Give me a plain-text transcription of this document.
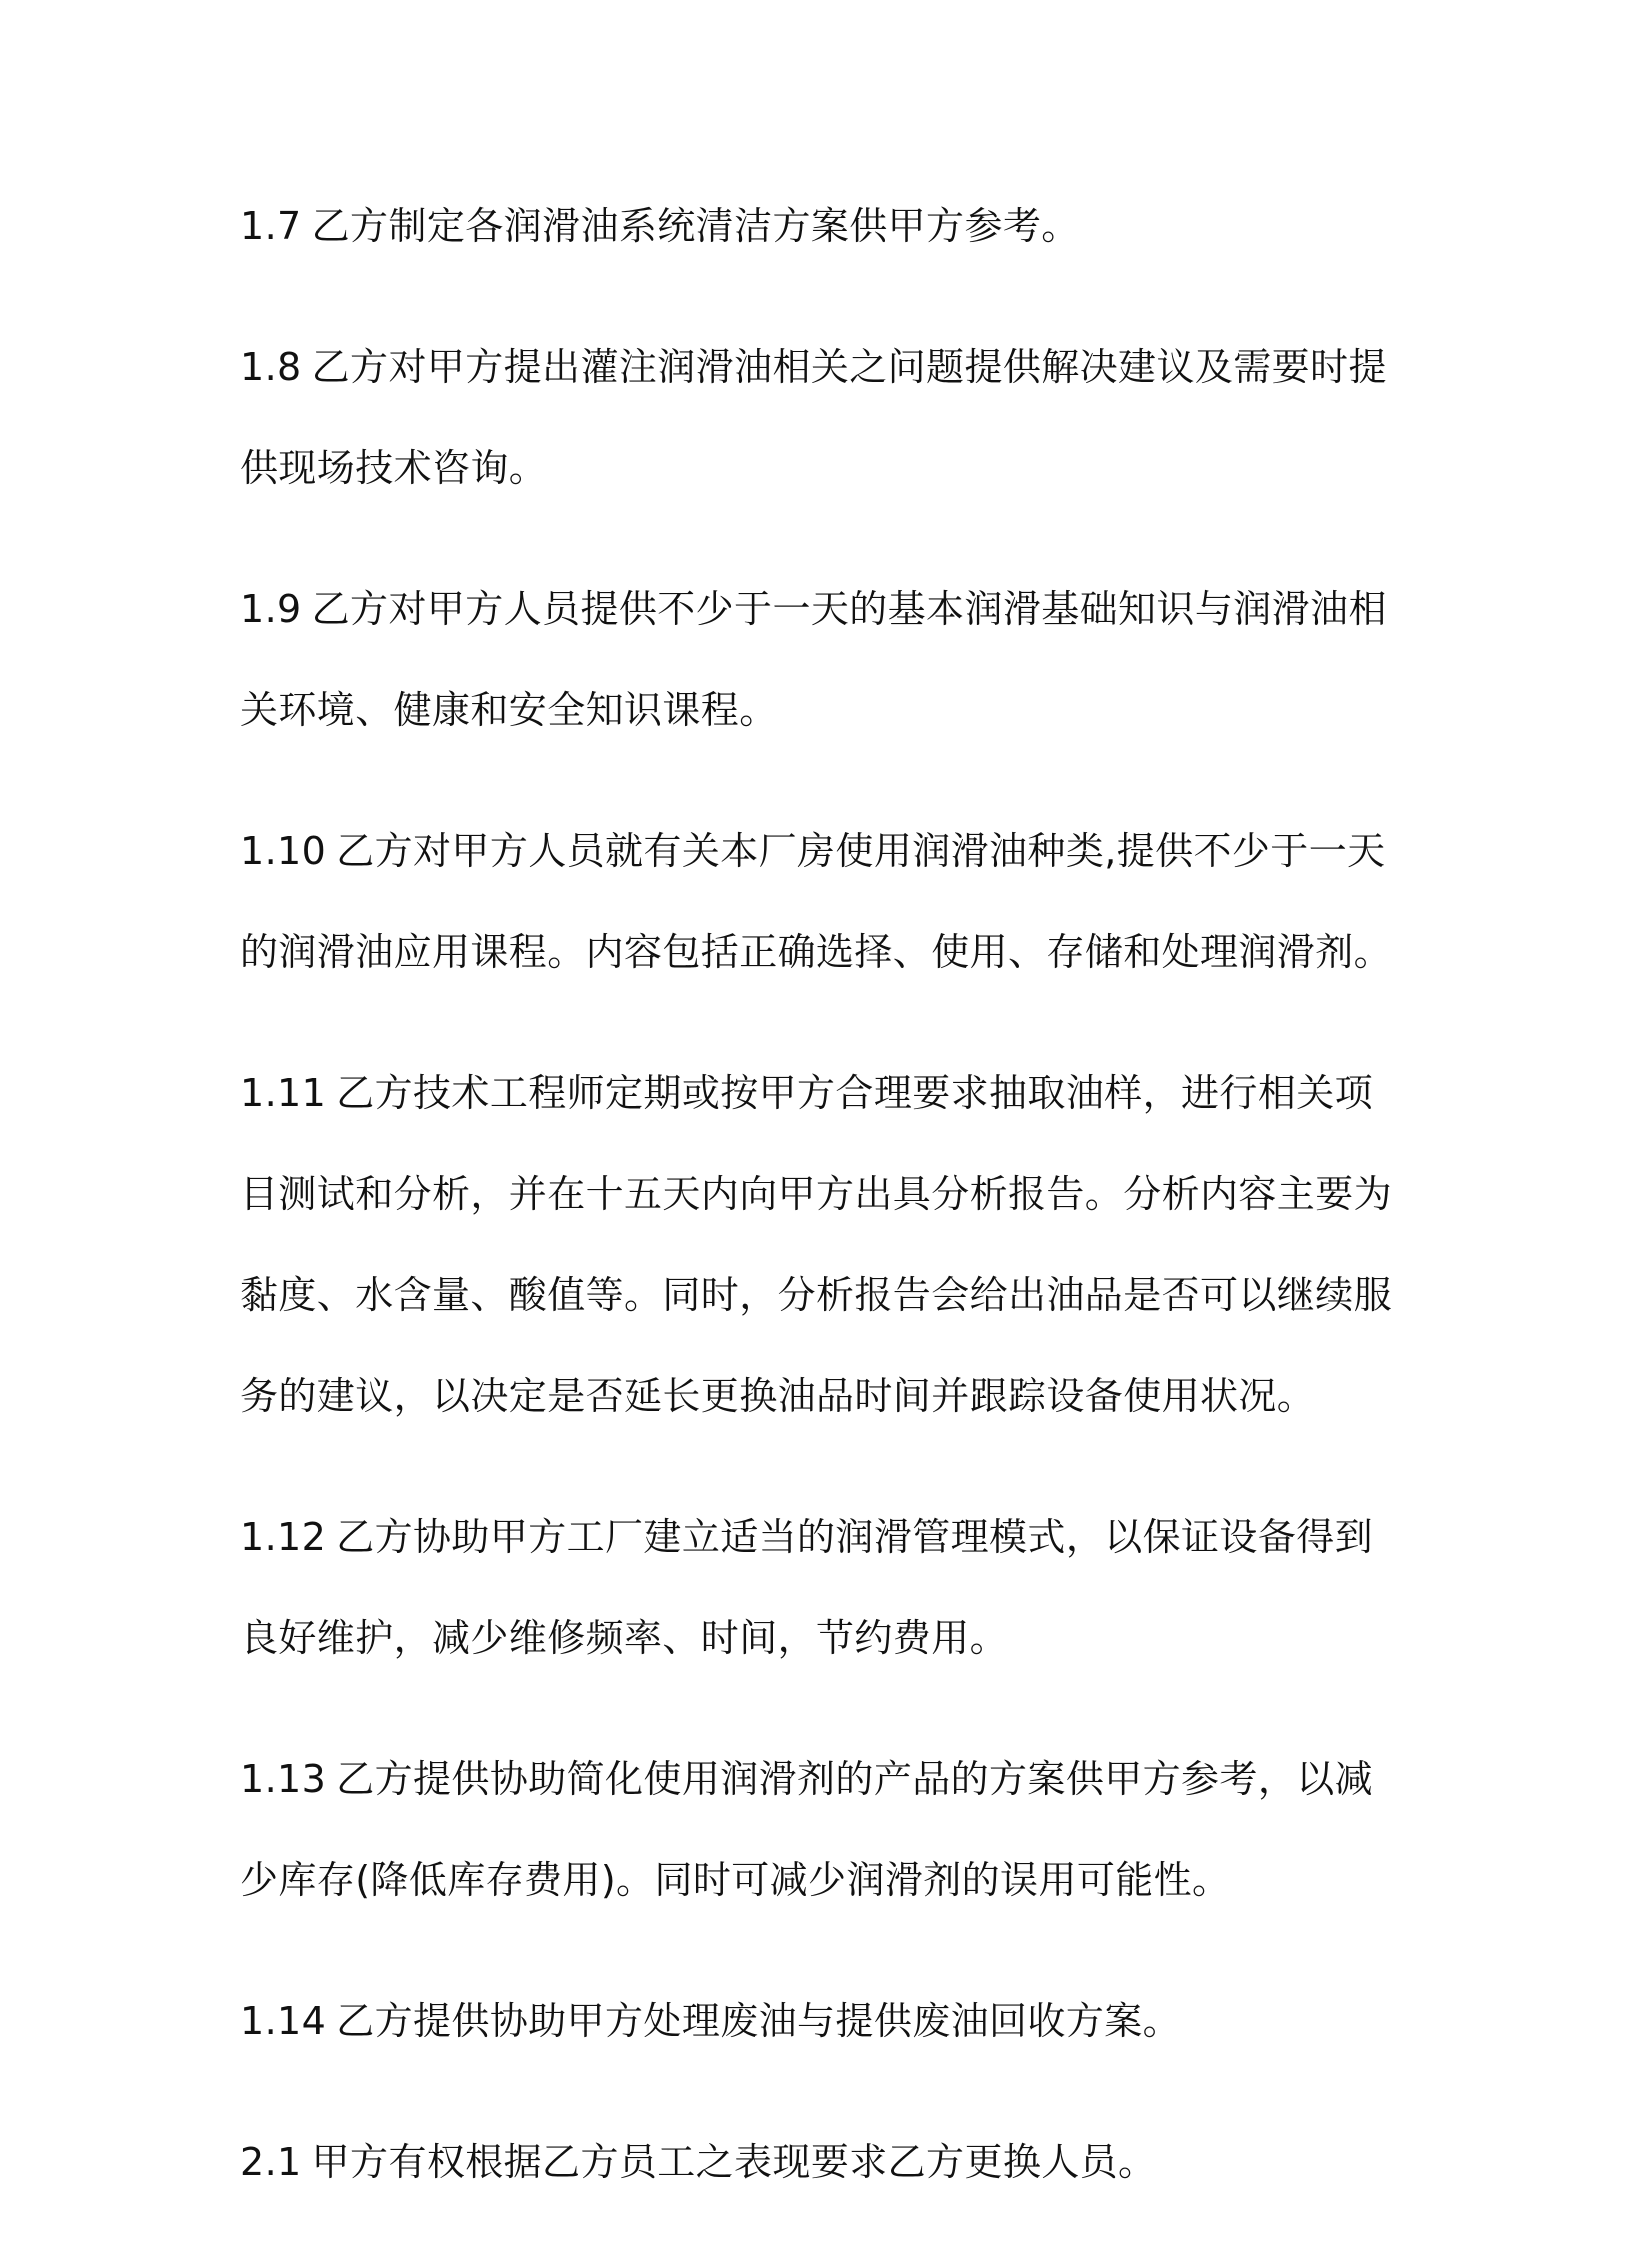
1.7 乙方制定各润滑油系统清洁方案供甲方参考。

1.8 乙方对甲方提出灌注润滑油相关之问题提供解决建议及需要时提供现场技术咨询。

1.9 乙方对甲方人员提供不少于一天的基本润滑基础知识与润滑油相关环境、健康和安全知识课程。

1.10 乙方对甲方人员就有关本厂房使用润滑油种类,提供不少于一天的润滑油应用课程。内容包括正确选择、使用、存储和处理润滑剂。

1.11 乙方技术工程师定期或按甲方合理要求抽取油样，进行相关项目测试和分析，并在十五天内向甲方出具分析报告。分析内容主要为黏度、水含量、酸值等。同时，分析报告会给出油品是否可以继续服务的建议，以决定是否延长更换油品时间并跟踪设备使用状况。

1.12 乙方协助甲方工厂建立适当的润滑管理模式，以保证设备得到良好维护，减少维修频率、时间，节约费用。

1.13 乙方提供协助简化使用润滑剂的产品的方案供甲方参考，以减少库存(降低库存费用)。同时可减少润滑剂的误用可能性。

1.14 乙方提供协助甲方处理废油与提供废油回收方案。

2.1 甲方有权根据乙方员工之表现要求乙方更换人员。
